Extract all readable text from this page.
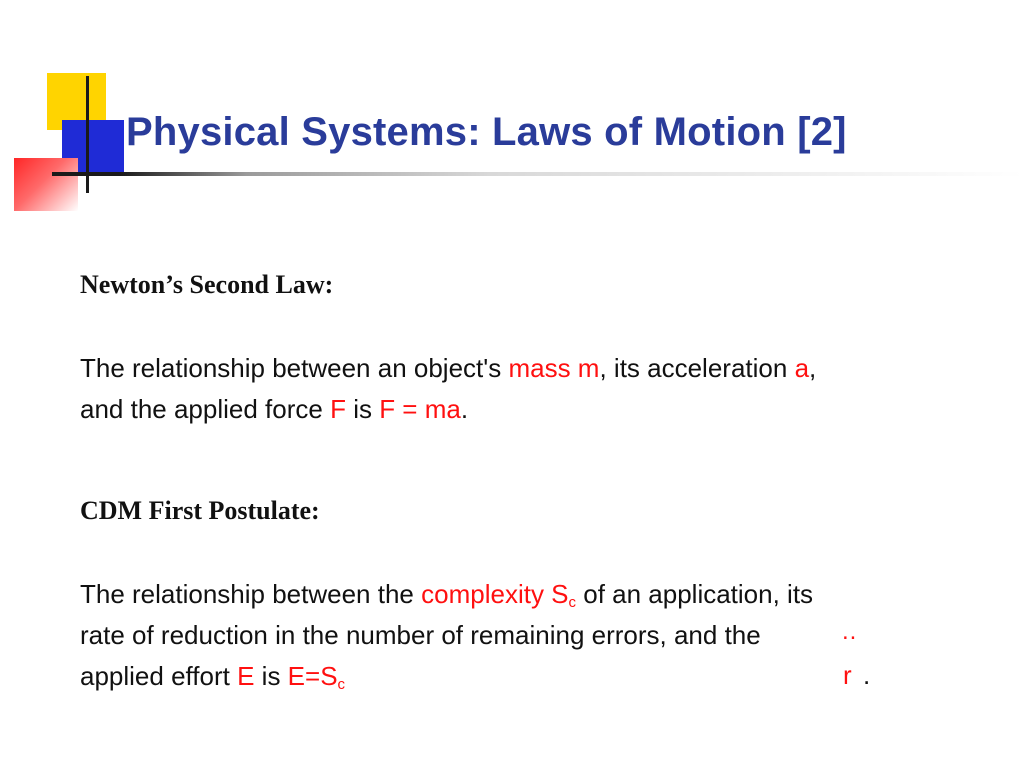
Physical Systems: Laws of Motion [2]
Newton’s Second Law:

The relationship between an object's mass m, its acceleration a, and the applied force F is F = ma.

CDM First Postulate:

The relationship between the complexity $S_c$ of an application, its rate of reduction in the number of remaining errors, and the applied effort E is $E=S_c$

..
r .
